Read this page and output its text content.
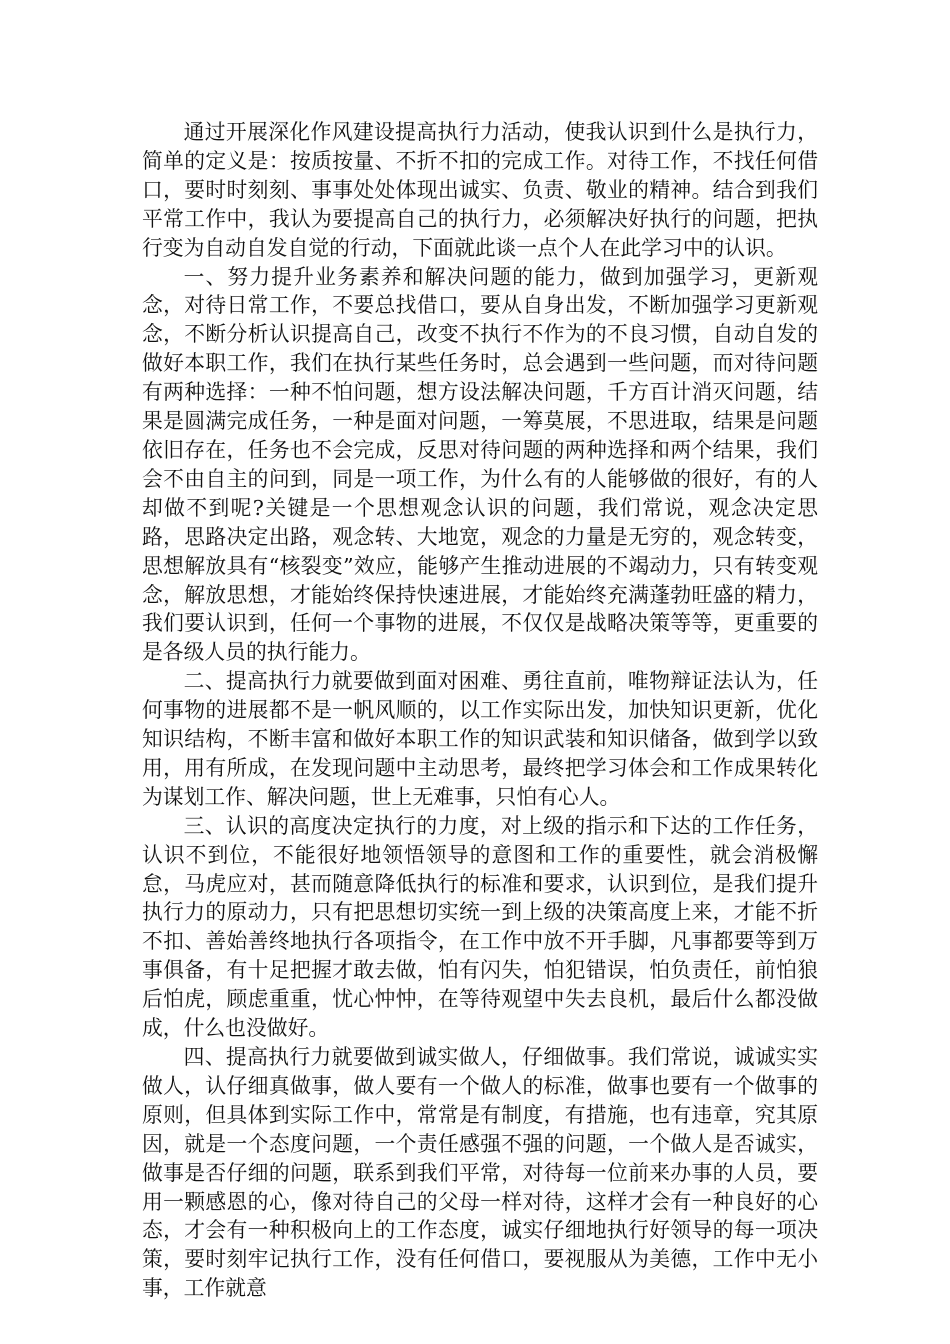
通过开展深化作风建设提高执行力活动，使我认识到什么是执行力，简单的定义是：按质按量、不折不扣的完成工作。对待工作，不找任何借口，要时时刻刻、事事处处体现出诚实、负责、敬业的精神。结合到我们平常工作中，我认为要提高自己的执行力，必须解决好执行的问题，把执行变为自动自发自觉的行动，下面就此谈一点个人在此学习中的认识。

一、努力提升业务素养和解决问题的能力，做到加强学习，更新观念，对待日常工作，不要总找借口，要从自身出发，不断加强学习更新观念，不断分析认识提高自己，改变不执行不作为的不良习惯，自动自发的做好本职工作，我们在执行某些任务时，总会遇到一些问题，而对待问题有两种选择：一种不怕问题，想方设法解决问题，千方百计消灭问题，结果是圆满完成任务，一种是面对问题，一筹莫展，不思进取，结果是问题依旧存在，任务也不会完成，反思对待问题的两种选择和两个结果，我们会不由自主的问到，同是一项工作，为什么有的人能够做的很好，有的人却做不到呢?关键是一个思想观念认识的问题，我们常说，观念决定思路，思路决定出路，观念转、大地宽，观念的力量是无穷的，观念转变，思想解放具有“核裂变”效应，能够产生推动进展的不竭动力，只有转变观念，解放思想，才能始终保持快速进展，才能始终充满蓬勃旺盛的精力，我们要认识到，任何一个事物的进展，不仅仅是战略决策等等，更重要的是各级人员的执行能力。

二、提高执行力就要做到面对困难、勇往直前，唯物辩证法认为，任何事物的进展都不是一帆风顺的，以工作实际出发，加快知识更新，优化知识结构，不断丰富和做好本职工作的知识武装和知识储备，做到学以致用，用有所成，在发现问题中主动思考，最终把学习体会和工作成果转化为谋划工作、解决问题，世上无难事，只怕有心人。

三、认识的高度决定执行的力度，对上级的指示和下达的工作任务，认识不到位，不能很好地领悟领导的意图和工作的重要性，就会消极懈怠，马虎应对，甚而随意降低执行的标准和要求，认识到位，是我们提升执行力的原动力，只有把思想切实统一到上级的决策高度上来，才能不折不扣、善始善终地执行各项指令，在工作中放不开手脚，凡事都要等到万事俱备，有十足把握才敢去做，怕有闪失，怕犯错误，怕负责任，前怕狼后怕虎，顾虑重重，忧心忡忡，在等待观望中失去良机，最后什么都没做成，什么也没做好。

四、提高执行力就要做到诚实做人，仔细做事。我们常说，诚诚实实做人，认仔细真做事，做人要有一个做人的标准，做事也要有一个做事的原则，但具体到实际工作中，常常是有制度，有措施，也有违章，究其原因，就是一个态度问题，一个责任感强不强的问题，一个做人是否诚实，做事是否仔细的问题，联系到我们平常，对待每一位前来办事的人员，要用一颗感恩的心，像对待自己的父母一样对待，这样才会有一种良好的心态，才会有一种积极向上的工作态度，诚实仔细地执行好领导的每一项决策，要时刻牢记执行工作，没有任何借口，要视服从为美德，工作中无小事，工作就意
